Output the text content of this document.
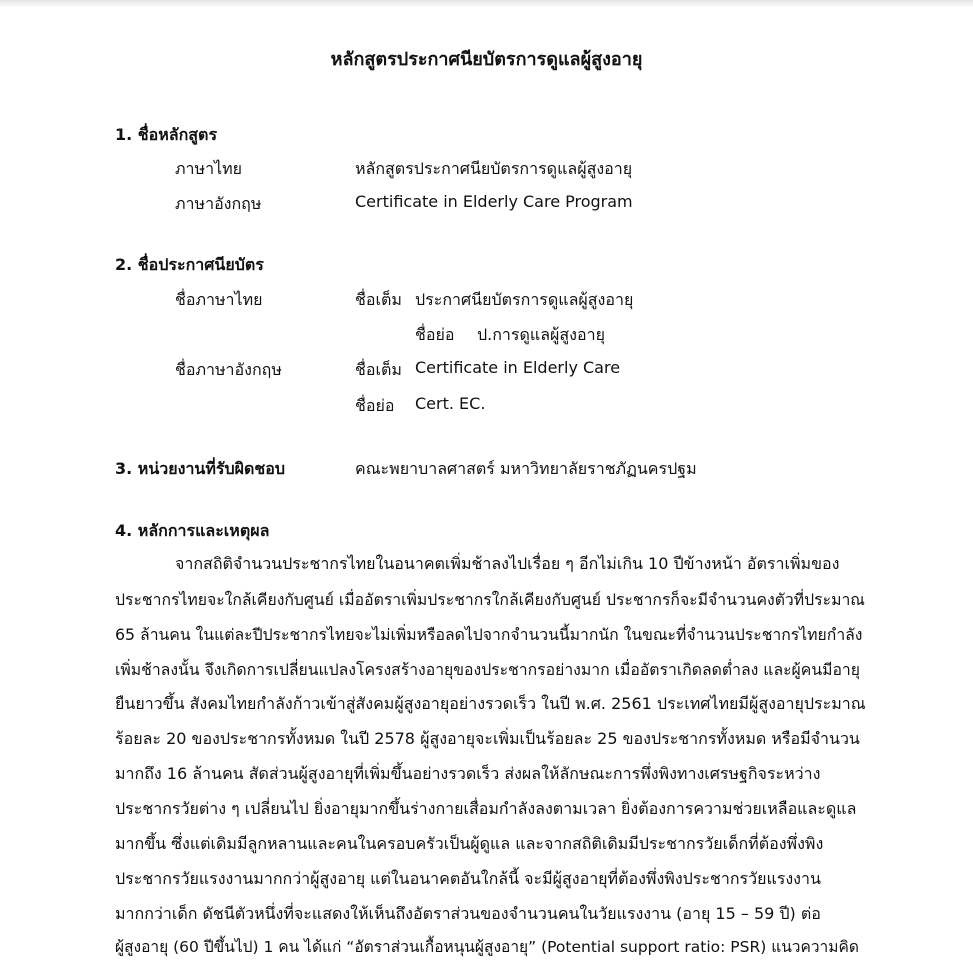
หลักสูตรประกาศนียบัตรการดูแลผู้สูงอายุ
1. ชื่อหลักสูตร
ภาษาไทย	หลักสูตรประกาศนียบัตรการดูแลผู้สูงอายุ
ภาษาอังกฤษ	Certificate in Elderly Care Program
2. ชื่อประกาศนียบัตร
ชื่อภาษาไทย	ชื่อเต็ม ประกาศนียบัตรการดูแลผู้สูงอายุ
ชื่อย่อ ป.การดูแลผู้สูงอายุ
ชื่อภาษาอังกฤษ	ชื่อเต็ม Certificate in Elderly Care
ชื่อย่อ Cert. EC.
3. หน่วยงานที่รับผิดชอบ	คณะพยาบาลศาสตร์ มหาวิทยาลัยราชภัฏนครปฐม
4. หลักการและเหตุผล
จากสถิติจำนวนประชากรไทยในอนาคตเพิ่มช้าลงไปเรื่อย ๆ อีกไม่เกิน 10 ปีข้างหน้า อัตราเพิ่มของ
ประชากรไทยจะใกล้เคียงกับศูนย์ เมื่ออัตราเพิ่มประชากรใกล้เคียงกับศูนย์ ประชากรก็จะมีจำนวนคงตัวที่ประมาณ
65 ล้านคน ในแต่ละปีประชากรไทยจะไม่เพิ่มหรือลดไปจากจำนวนนี้มากนัก ในขณะที่จำนวนประชากรไทยกำลัง
เพิ่มช้าลงนั้น จึงเกิดการเปลี่ยนแปลงโครงสร้างอายุของประชากรอย่างมาก เมื่ออัตราเกิดลดต่ำลง และผู้คนมีอายุ
ยืนยาวขึ้น สังคมไทยกำลังก้าวเข้าสู่สังคมผู้สูงอายุอย่างรวดเร็ว ในปี พ.ศ. 2561 ประเทศไทยมีผู้สูงอายุประมาณ
ร้อยละ 20 ของประชากรทั้งหมด ในปี 2578 ผู้สูงอายุจะเพิ่มเป็นร้อยละ 25 ของประชากรทั้งหมด หรือมีจำนวน
มากถึง 16 ล้านคน สัดส่วนผู้สูงอายุที่เพิ่มขึ้นอย่างรวดเร็ว ส่งผลให้ลักษณะการพึ่งพิงทางเศรษฐกิจระหว่าง
ประชากรวัยต่าง ๆ เปลี่ยนไป ยิ่งอายุมากขึ้นร่างกายเสื่อมกำลังลงตามเวลา ยิ่งต้องการความช่วยเหลือและดูแล
มากขึ้น ซึ่งแต่เดิมมีลูกหลานและคนในครอบครัวเป็นผู้ดูแล และจากสถิติเดิมมีประชากรวัยเด็กที่ต้องพึ่งพิง
ประชากรวัยแรงงานมากกว่าผู้สูงอายุ แต่ในอนาคตอันใกล้นี้ จะมีผู้สูงอายุที่ต้องพึ่งพิงประชากรวัยแรงงาน
มากกว่าเด็ก ดัชนีตัวหนึ่งที่จะแสดงให้เห็นถึงอัตราส่วนของจำนวนคนในวัยแรงงาน (อายุ 15 – 59 ปี) ต่อ
ผู้สูงอายุ (60 ปีขึ้นไป) 1 คน ได้แก่ “อัตราส่วนเกื้อหนุนผู้สูงอายุ” (Potential support ratio: PSR) แนวความคิด
